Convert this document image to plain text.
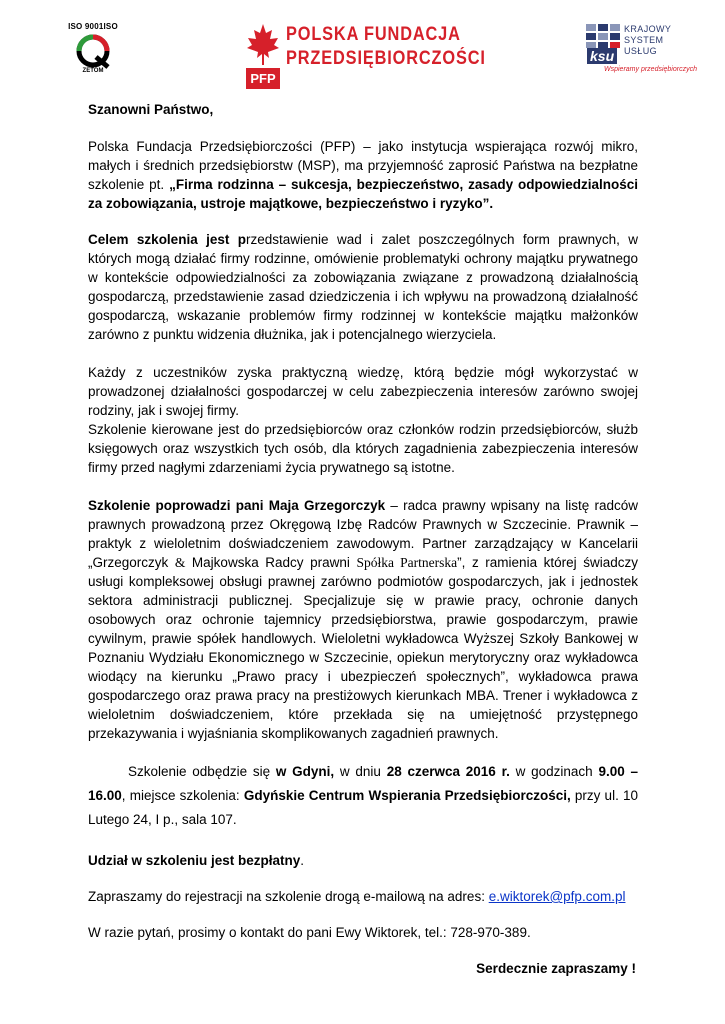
ISO 9001ISO
ZETOM	PFP
POLSKA FUNDACJA
PRZEDSIĘBIORCZOŚCI	ksu
KRAJOWY
SYSTEM
USŁUG
Wspieramy przedsiębiorczych

Szanowni Państwo,

Polska Fundacja Przedsiębiorczości (PFP) – jako instytucja wspierająca rozwój mikro, małych i średnich przedsiębiorstw (MSP), ma przyjemność zaprosić Państwa na bezpłatne szkolenie pt. „Firma rodzinna – sukcesja, bezpieczeństwo, zasady odpowiedzialności za zobowiązania, ustroje majątkowe, bezpieczeństwo i ryzyko”.

Celem szkolenia jest przedstawienie wad i zalet poszczególnych form prawnych, w których mogą działać firmy rodzinne, omówienie problematyki ochrony majątku prywatnego w kontekście odpowiedzialności za zobowiązania związane z prowadzoną działalnością gospodarczą, przedstawienie zasad dziedziczenia i ich wpływu na prowadzoną działalność gospodarczą, wskazanie problemów firmy rodzinnej w kontekście majątku małżonków zarówno z punktu widzenia dłużnika, jak i potencjalnego wierzyciela.

Każdy z uczestników zyska praktyczną wiedzę, którą będzie mógł wykorzystać w prowadzonej działalności gospodarczej w celu zabezpieczenia interesów zarówno swojej rodziny, jak i swojej firmy.

Szkolenie kierowane jest do przedsiębiorców oraz członków rodzin przedsiębiorców, służb księgowych oraz wszystkich tych osób, dla których zagadnienia zabezpieczenia interesów firmy przed nagłymi zdarzeniami życia prywatnego są istotne.

Szkolenie poprowadzi pani Maja Grzegorczyk – radca prawny wpisany na listę radców prawnych prowadzoną przez Okręgową Izbę Radców Prawnych w Szczecinie. Prawnik – praktyk z wieloletnim doświadczeniem zawodowym. Partner zarządzający w Kancelarii „Grzegorczyk & Majkowska Radcy prawni Spółka Partnerska”, z ramienia której świadczy usługi kompleksowej obsługi prawnej zarówno podmiotów gospodarczych, jak i jednostek sektora administracji publicznej. Specjalizuje się w prawie pracy, ochronie danych osobowych oraz ochronie tajemnicy przedsiębiorstwa, prawie gospodarczym, prawie cywilnym, prawie spółek handlowych. Wieloletni wykładowca Wyższej Szkoły Bankowej w Poznaniu Wydziału Ekonomicznego w Szczecinie, opiekun merytoryczny oraz wykładowca wiodący na kierunku „Prawo pracy i ubezpieczeń społecznych”, wykładowca prawa gospodarczego oraz prawa pracy na prestiżowych kierunkach MBA. Trener i wykładowca z wieloletnim doświadczeniem, które przekłada się na umiejętność przystępnego przekazywania i wyjaśniania skomplikowanych zagadnień prawnych.

Szkolenie odbędzie się w Gdyni, w dniu 28 czerwca 2016 r. w godzinach 9.00 – 16.00, miejsce szkolenia: Gdyńskie Centrum Wspierania Przedsiębiorczości, przy ul. 10 Lutego 24, I p., sala 107.

Udział w szkoleniu jest bezpłatny.

Zapraszamy do rejestracji na szkolenie drogą e-mailową na adres: e.wiktorek@pfp.com.pl

W razie pytań, prosimy o kontakt do pani Ewy Wiktorek, tel.: 728-970-389.

Serdecznie zapraszamy !
